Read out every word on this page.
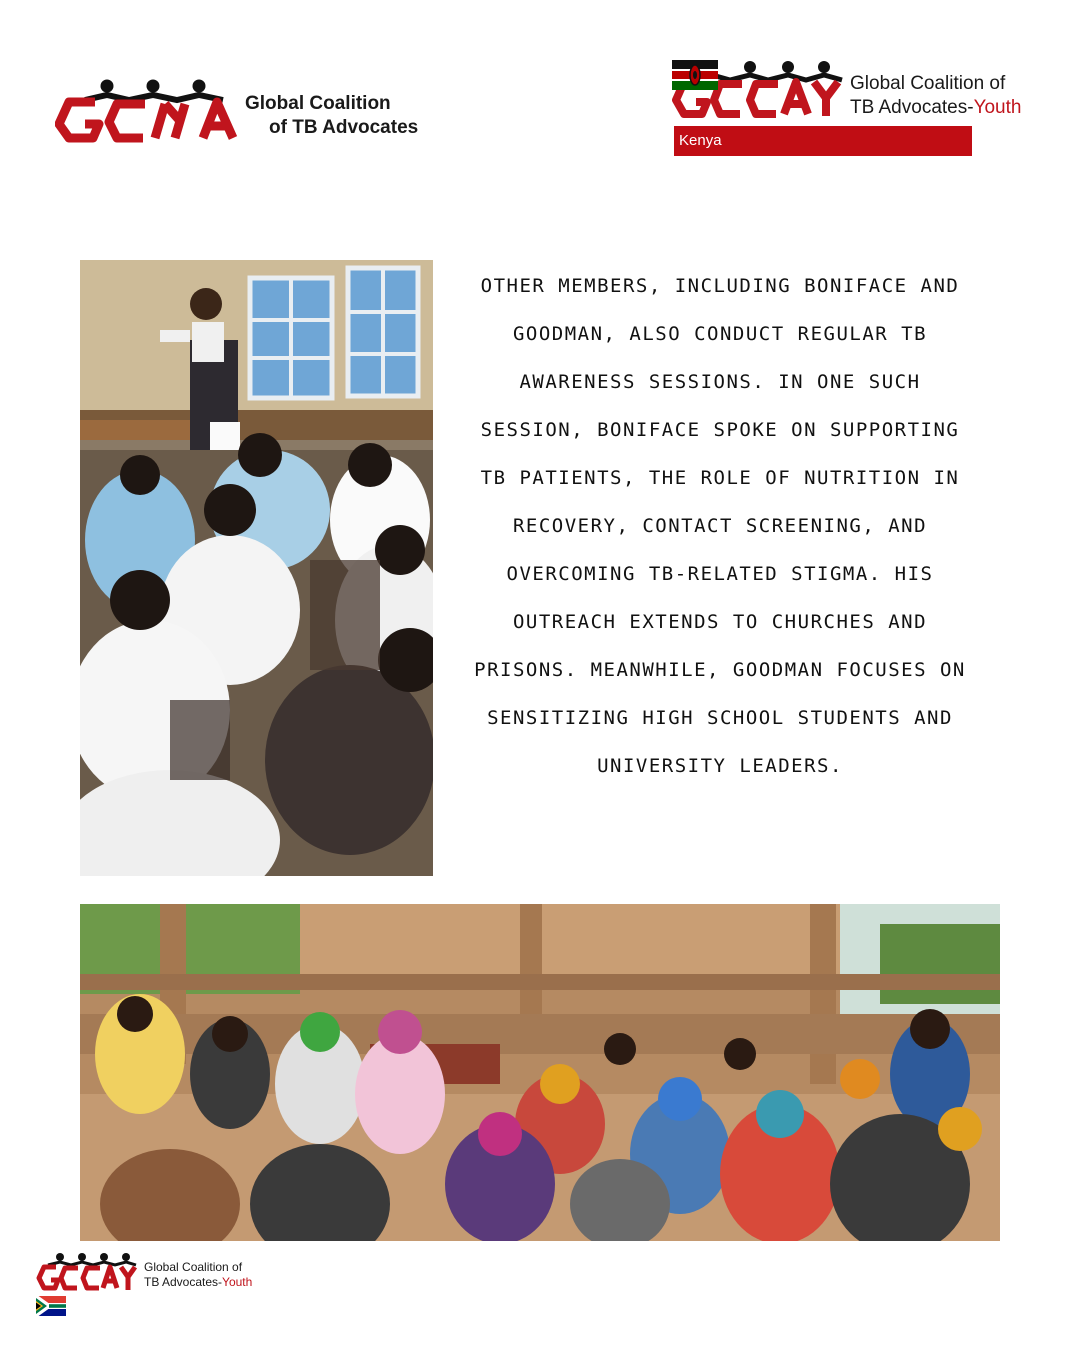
Global Coalition
of TB Advocates
Global Coalition of
TB Advocates-Youth
Kenya
OTHER MEMBERS, INCLUDING BONIFACE AND GOODMAN, ALSO CONDUCT REGULAR TB AWARENESS SESSIONS. IN ONE SUCH SESSION, BONIFACE SPOKE ON SUPPORTING TB PATIENTS, THE ROLE OF NUTRITION IN RECOVERY, CONTACT SCREENING, AND OVERCOMING TB-RELATED STIGMA. HIS OUTREACH EXTENDS TO CHURCHES AND PRISONS. MEANWHILE, GOODMAN FOCUSES ON SENSITIZING HIGH SCHOOL STUDENTS AND UNIVERSITY LEADERS.
Global Coalition of
TB Advocates-Youth
